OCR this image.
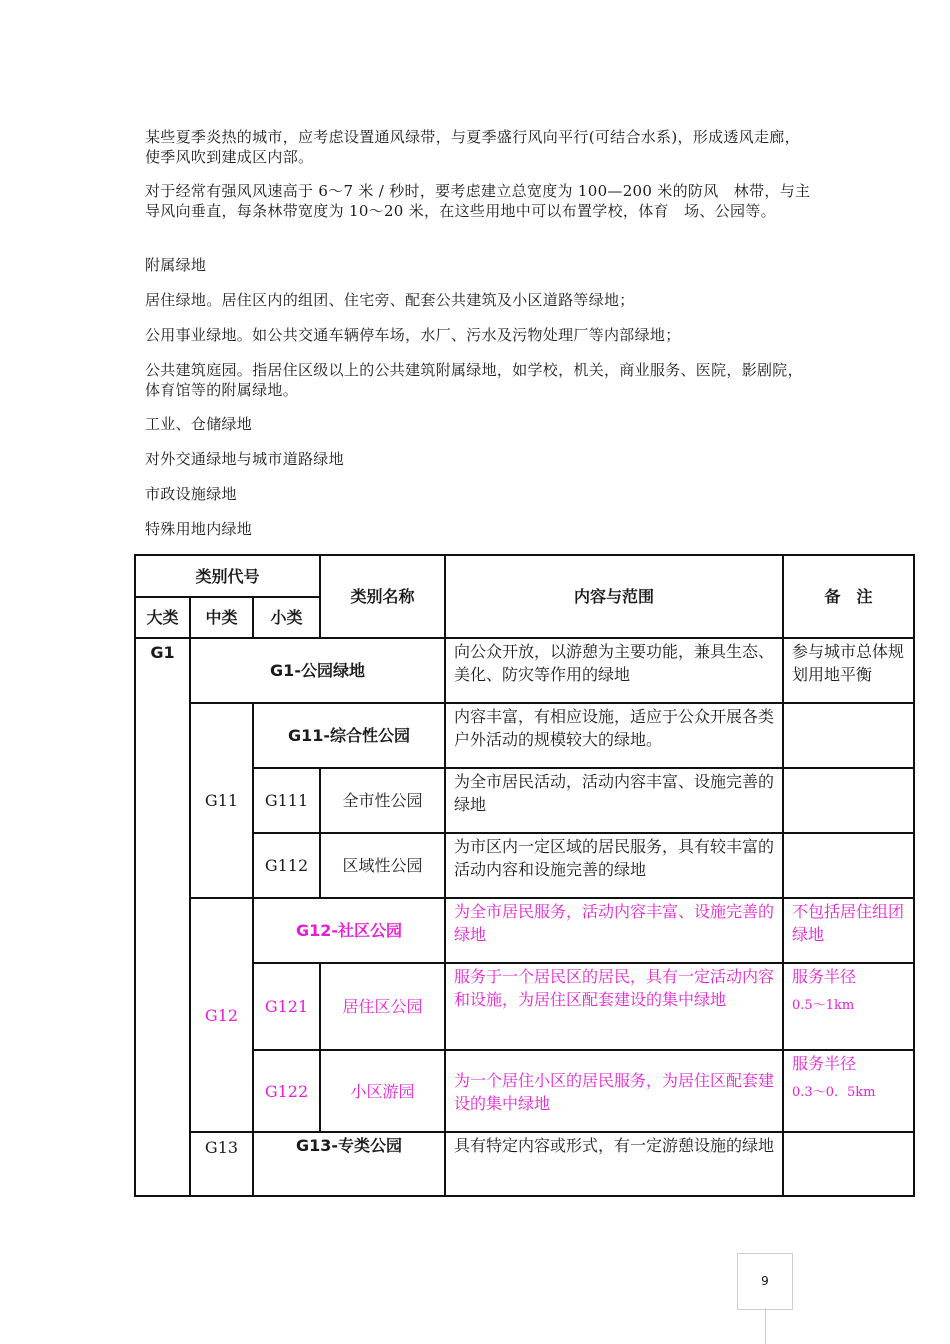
某些夏季炎热的城市，应考虑设置通风绿带，与夏季盛行风向平行(可结合水系)，形成透风走廊，使季风吹到建成区内部。

对于经常有强风风速高于 6～7 米 / 秒时，要考虑建立总宽度为 100—200 米的防风　林带，与主导风向垂直，每条林带宽度为 10～20 米，在这些用地中可以布置学校，体育　场、公园等。

附属绿地

居住绿地。居住区内的组团、住宅旁、配套公共建筑及小区道路等绿地；

公用事业绿地。如公共交通车辆停车场，水厂、污水及污物处理厂等内部绿地；

公共建筑庭园。指居住区级以上的公共建筑附属绿地，如学校，机关，商业服务、医院，影剧院，体育馆等的附属绿地。

工业、仓储绿地

对外交通绿地与城市道路绿地

市政设施绿地

特殊用地内绿地

类别代号			类别名称	内容与范围	备　注
大类	中类	小类			
G1	G1-公园绿地			向公众开放，以游憩为主要功能，兼具生态、美化、防灾等作用的绿地	参与城市总体规划用地平衡
	G11	G11-综合性公园		内容丰富，有相应设施，适应于公众开展各类户外活动的规模较大的绿地。	
		G111	全市性公园	为全市居民活动，活动内容丰富、设施完善的绿地	
		G112	区域性公园	为市区内一定区域的居民服务，具有较丰富的活动内容和设施完善的绿地	
	G12	G12-社区公园		为全市居民服务，活动内容丰富、设施完善的绿地	不包括居住组团绿地
		G121	居住区公园	服务于一个居民区的居民，具有一定活动内容和设施，为居住区配套建设的集中绿地	服务半径
0.5～1km

		G122	小区游园	为一个居住小区的居民服务，为居住区配套建设的集中绿地	服务半径
0.3～0．5km

	G13	G13-专类公园		具有特定内容或形式，有一定游憩设施的绿地	
9
